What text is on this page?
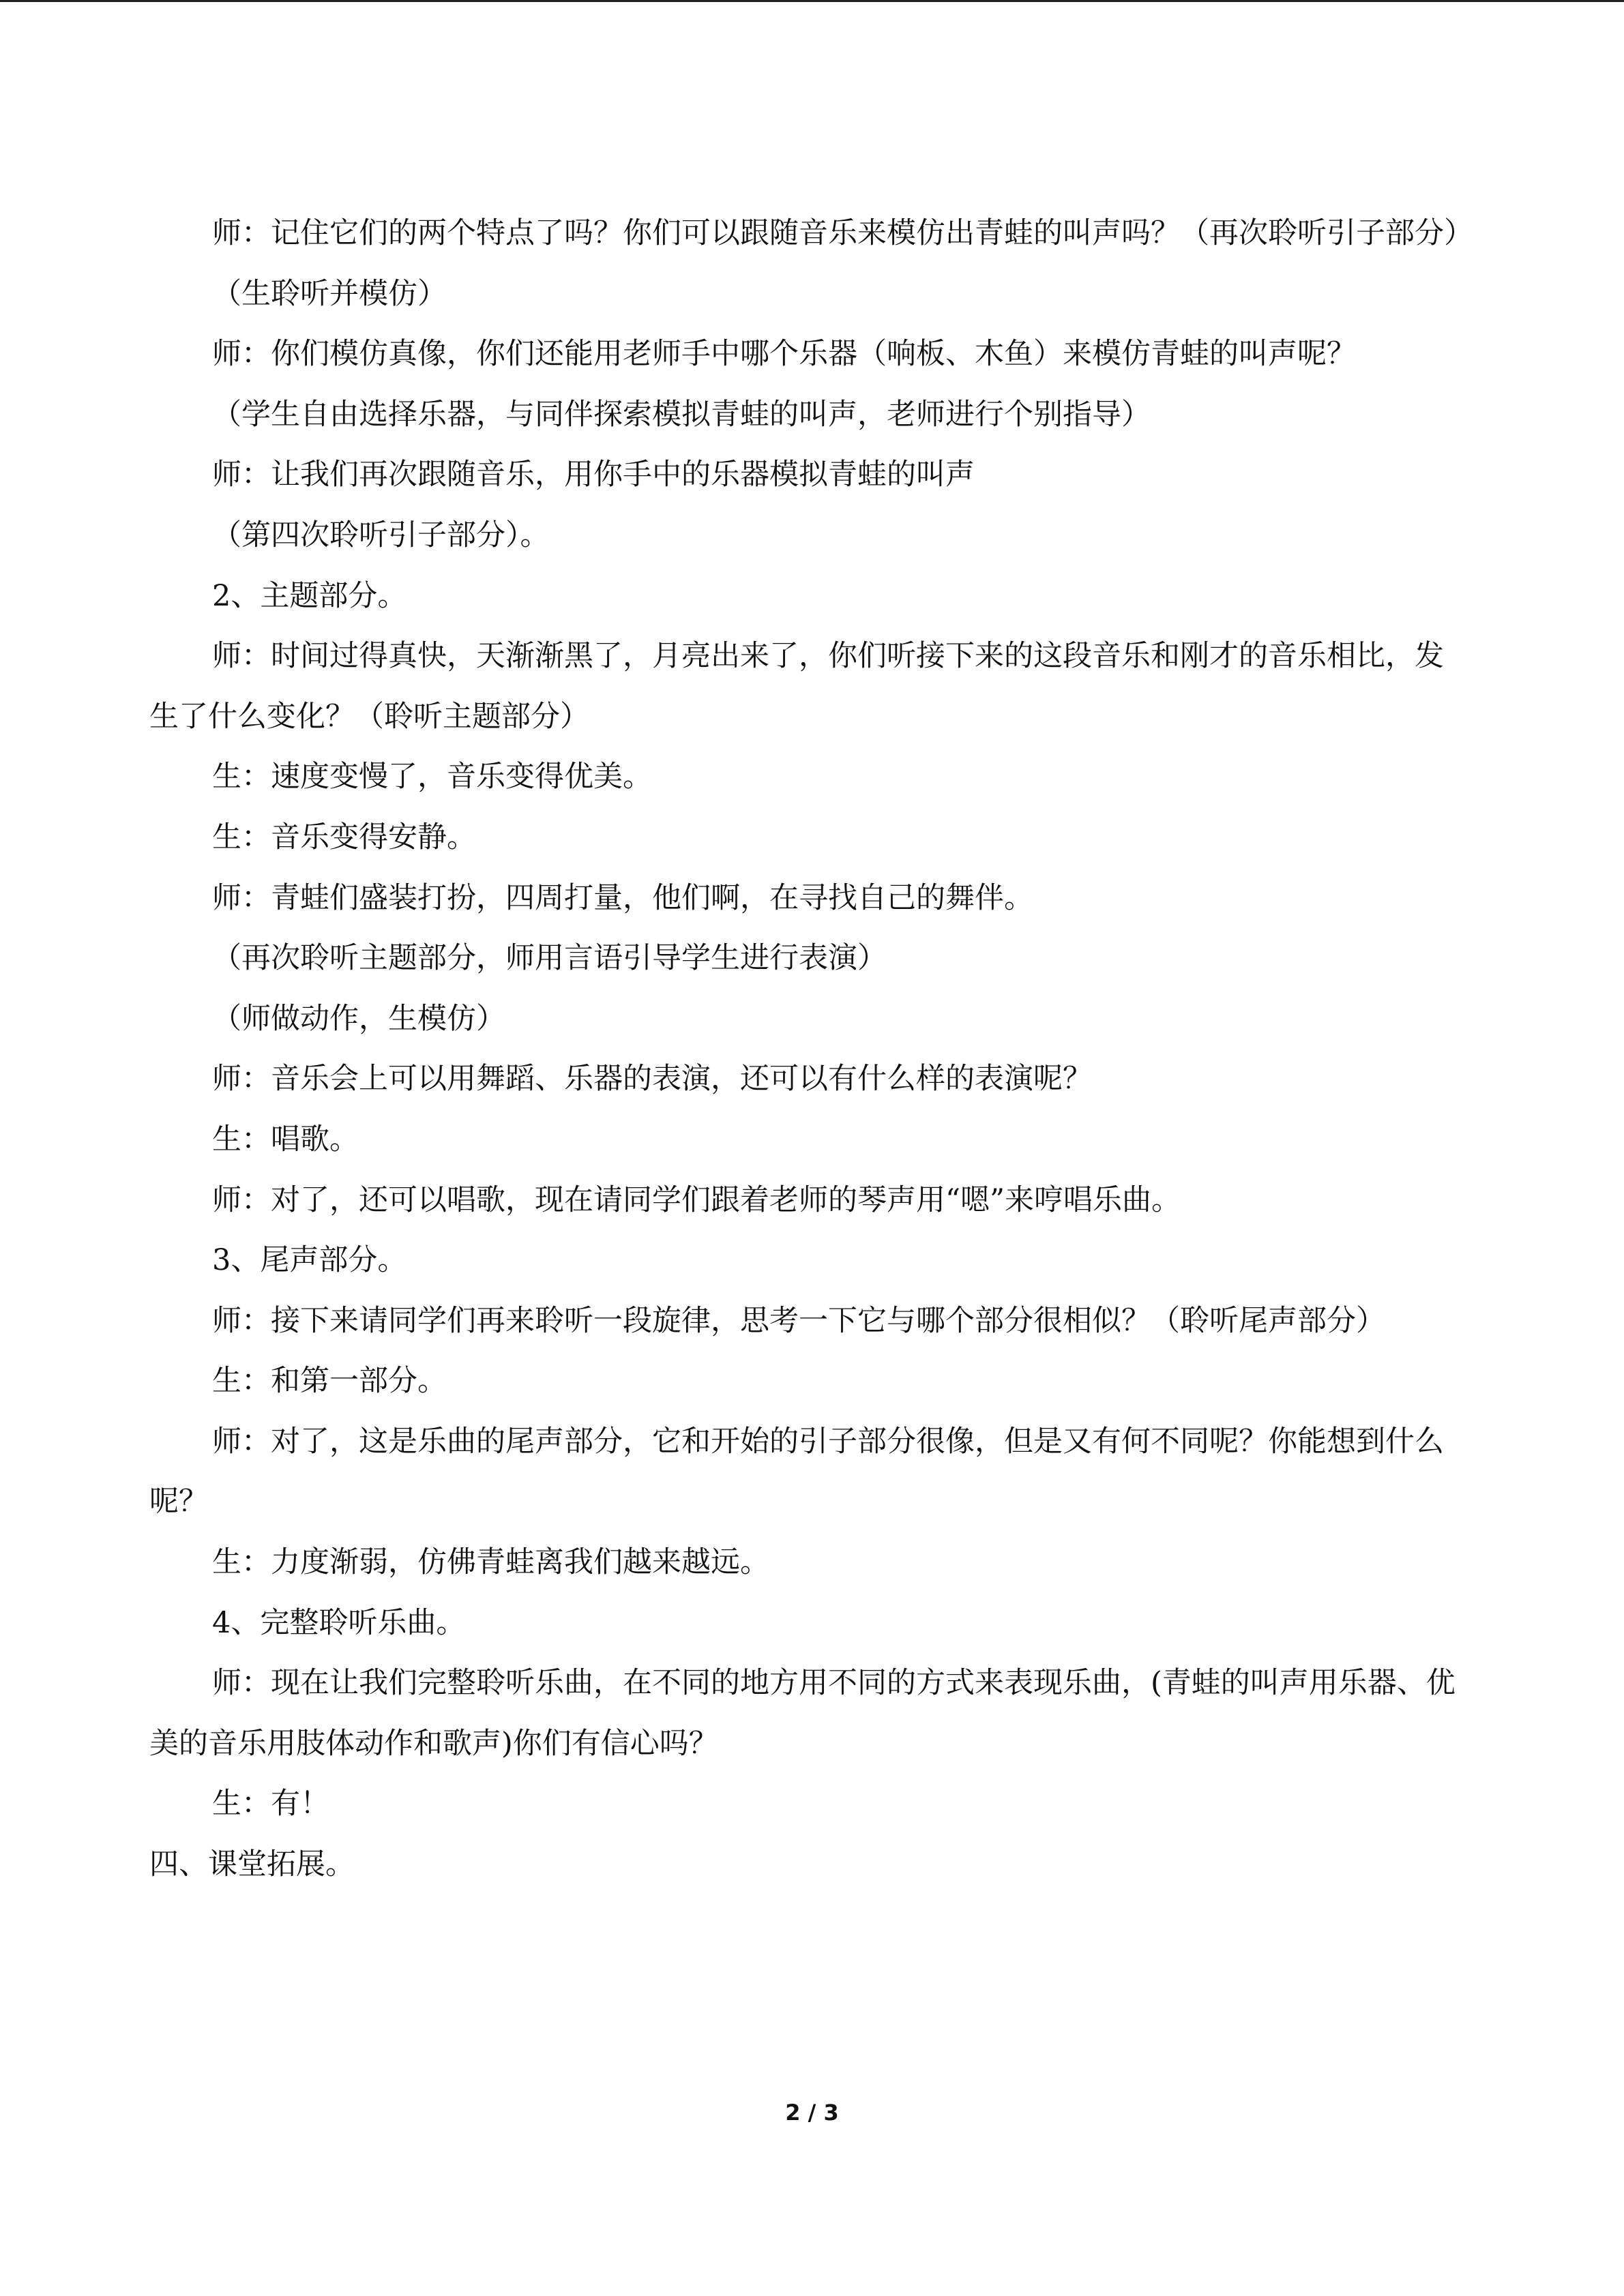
师：记住它们的两个特点了吗？你们可以跟随音乐来模仿出青蛙的叫声吗？（再次聆听引子部分）

（生聆听并模仿）

师：你们模仿真像，你们还能用老师手中哪个乐器（响板、木鱼）来模仿青蛙的叫声呢？

（学生自由选择乐器，与同伴探索模拟青蛙的叫声，老师进行个别指导）

师：让我们再次跟随音乐，用你手中的乐器模拟青蛙的叫声

（第四次聆听引子部分）。

2、主题部分。

师：时间过得真快，天渐渐黑了，月亮出来了，你们听接下来的这段音乐和刚才的音乐相比，发生了什么变化？（聆听主题部分）

生：速度变慢了，音乐变得优美。

生：音乐变得安静。

师：青蛙们盛装打扮，四周打量，他们啊，在寻找自己的舞伴。

（再次聆听主题部分，师用言语引导学生进行表演）

（师做动作，生模仿）

师：音乐会上可以用舞蹈、乐器的表演，还可以有什么样的表演呢？

生：唱歌。

师：对了，还可以唱歌，现在请同学们跟着老师的琴声用“嗯”来哼唱乐曲。

3、尾声部分。

师：接下来请同学们再来聆听一段旋律，思考一下它与哪个部分很相似？（聆听尾声部分）

生：和第一部分。

师：对了，这是乐曲的尾声部分，它和开始的引子部分很像，但是又有何不同呢？你能想到什么呢？

生：力度渐弱，仿佛青蛙离我们越来越远。

4、完整聆听乐曲。

师：现在让我们完整聆听乐曲，在不同的地方用不同的方式来表现乐曲，(青蛙的叫声用乐器、优美的音乐用肢体动作和歌声)你们有信心吗？

生：有！

四、课堂拓展。

2 / 3
